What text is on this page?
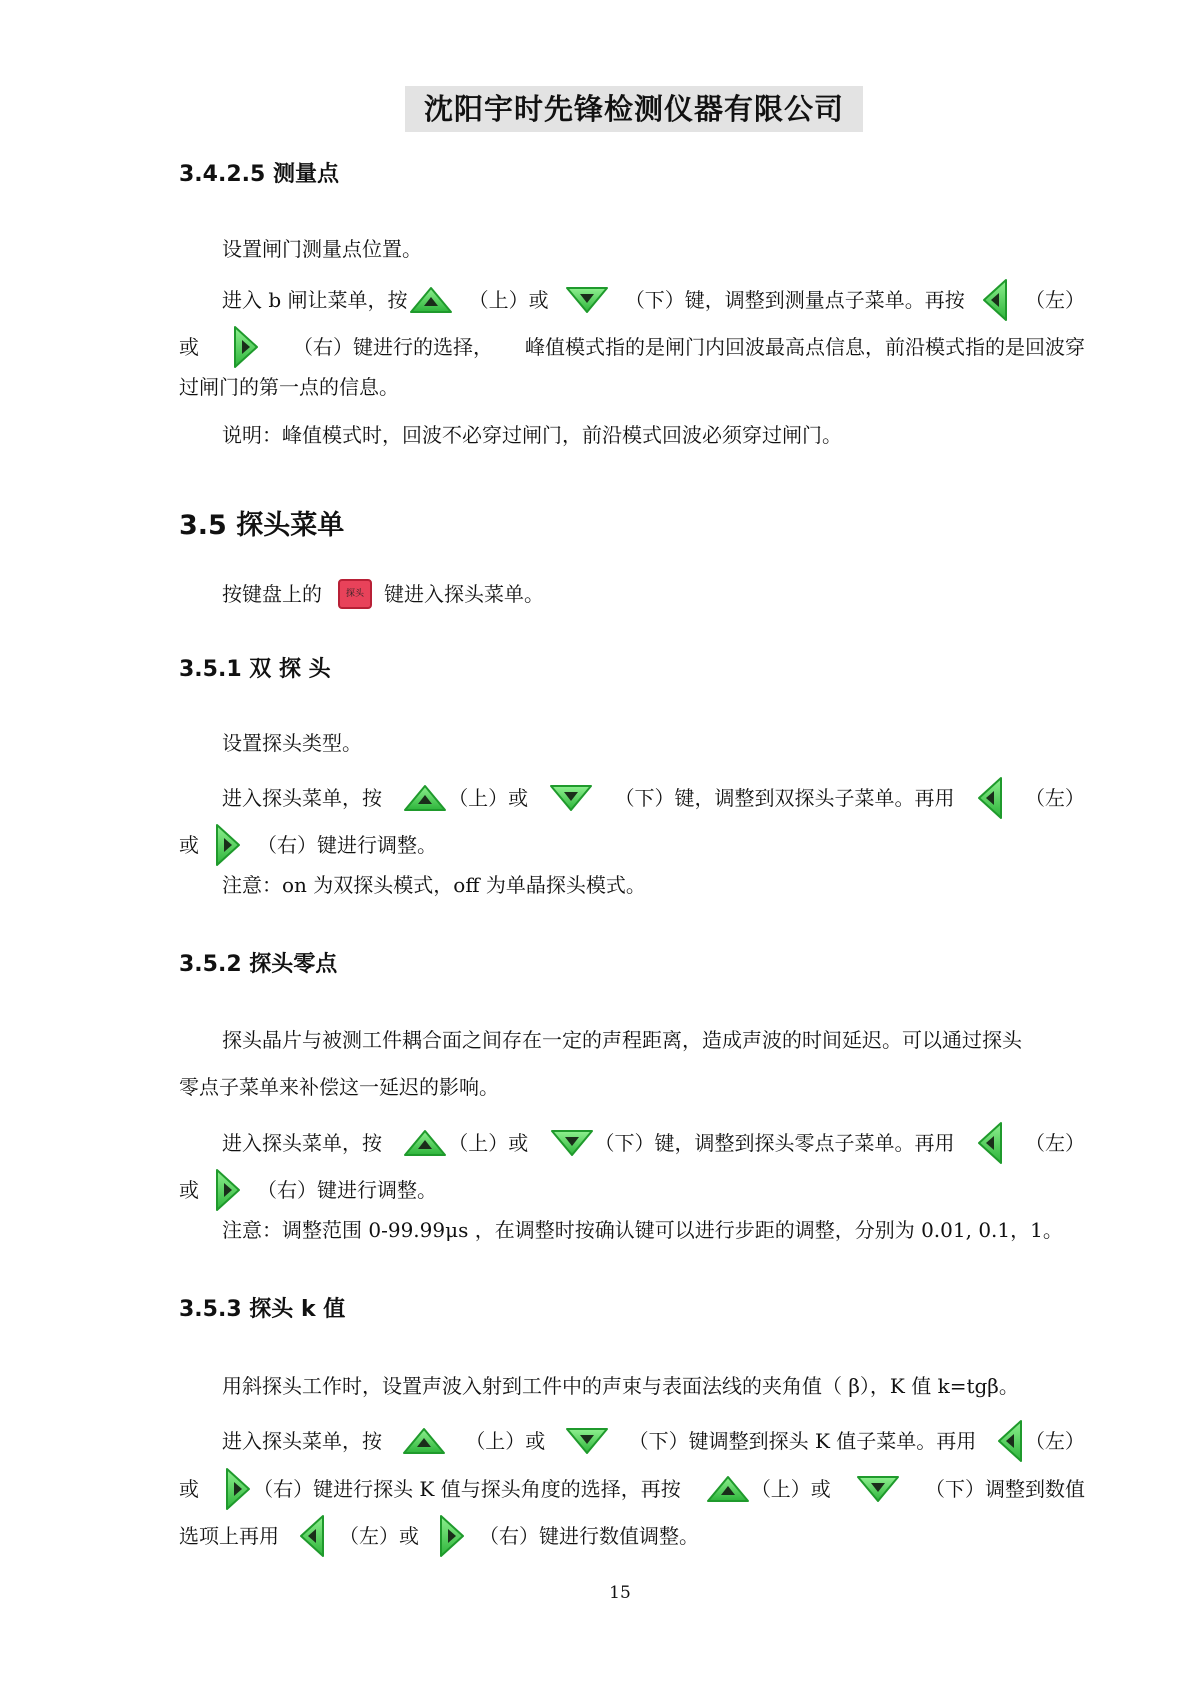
沈阳宇时先锋检测仪器有限公司
3.4.2.5 测量点
设置闸门测量点位置。
进入 b 闸让菜单，按	（上）或	（下）键，调整到测量点子菜单。再按	（左）
或	（右）键进行的选择， 峰值模式指的是闸门内回波最高点信息，前沿模式指的是回波穿
过闸门的第一点的信息。
说明：峰值模式时，回波不必穿过闸门，前沿模式回波必须穿过闸门。
3.5 探头菜单
按键盘上的	探头	键进入探头菜单。
3.5.1 双 探 头
设置探头类型。
进入探头菜单，按	（上）或	（下）键，调整到双探头子菜单。再用	（左）
或	（右）键进行调整。
注意：on 为双探头模式，off 为单晶探头模式。
3.5.2 探头零点
探头晶片与被测工件耦合面之间存在一定的声程距离，造成声波的时间延迟。可以通过探头
零点子菜单来补偿这一延迟的影响。
进入探头菜单，按	（上）或	（下）键，调整到探头零点子菜单。再用	（左）
或	（右）键进行调整。
注意：调整范围 0-99.99μs ，在调整时按确认键可以进行步距的调整，分别为 0.01, 0.1，1。
3.5.3 探头 k 值
用斜探头工作时，设置声波入射到工件中的声束与表面法线的夹角值（ β），K 值 k=tgβ。
进入探头菜单，按	（上）或	（下）键调整到探头 K 值子菜单。再用 （左）
或	（右）键进行探头 K 值与探头角度的选择，再按	（上）或	（下）调整到数值
选项上再用	（左）或	（右）键进行数值调整。
15
